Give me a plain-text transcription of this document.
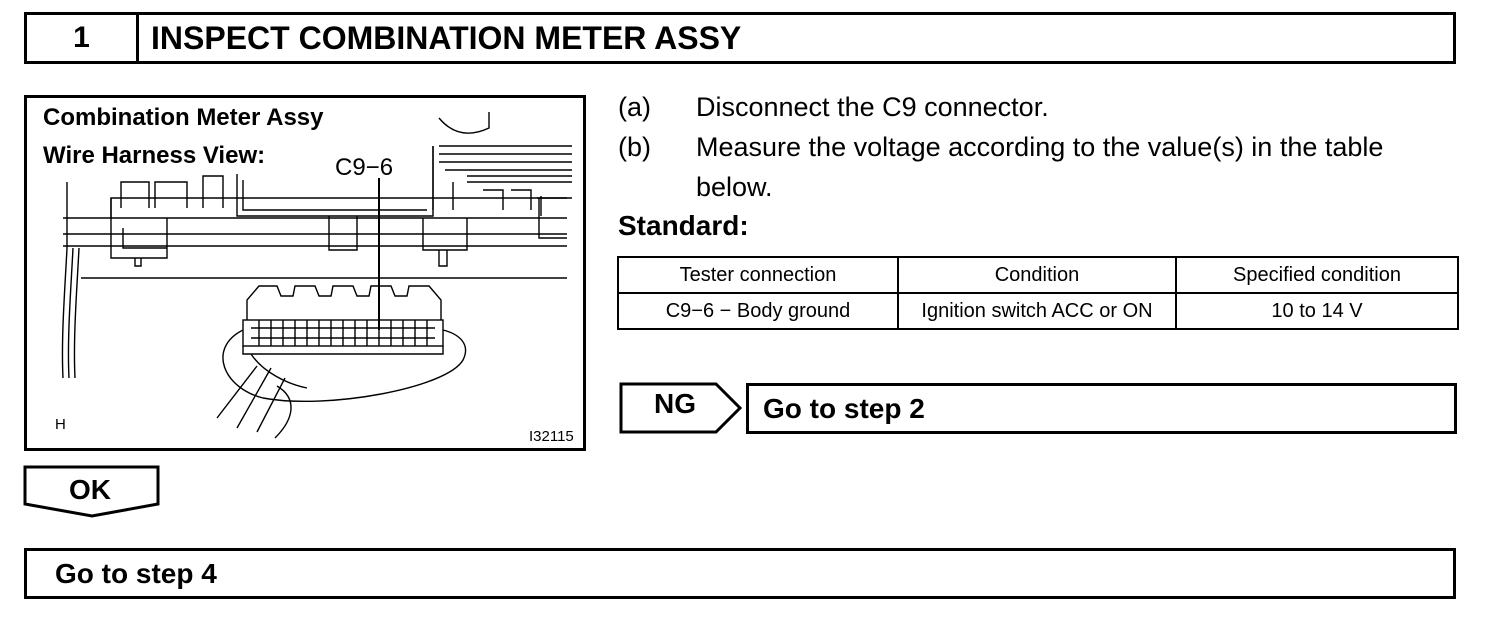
1	INSPECT COMBINATION METER ASSY
Combination Meter Assy
Wire Harness View:	C9−6
H
I32115
(a) Disconnect the C9 connector.
(b) Measure the voltage according to the value(s) in the table
below.
Standard:
Tester connection	Condition	Specified condition
C9−6 − Body ground	Ignition switch ACC or ON	10 to 14 V
NG	Go to step 2
OK
Go to step 4
